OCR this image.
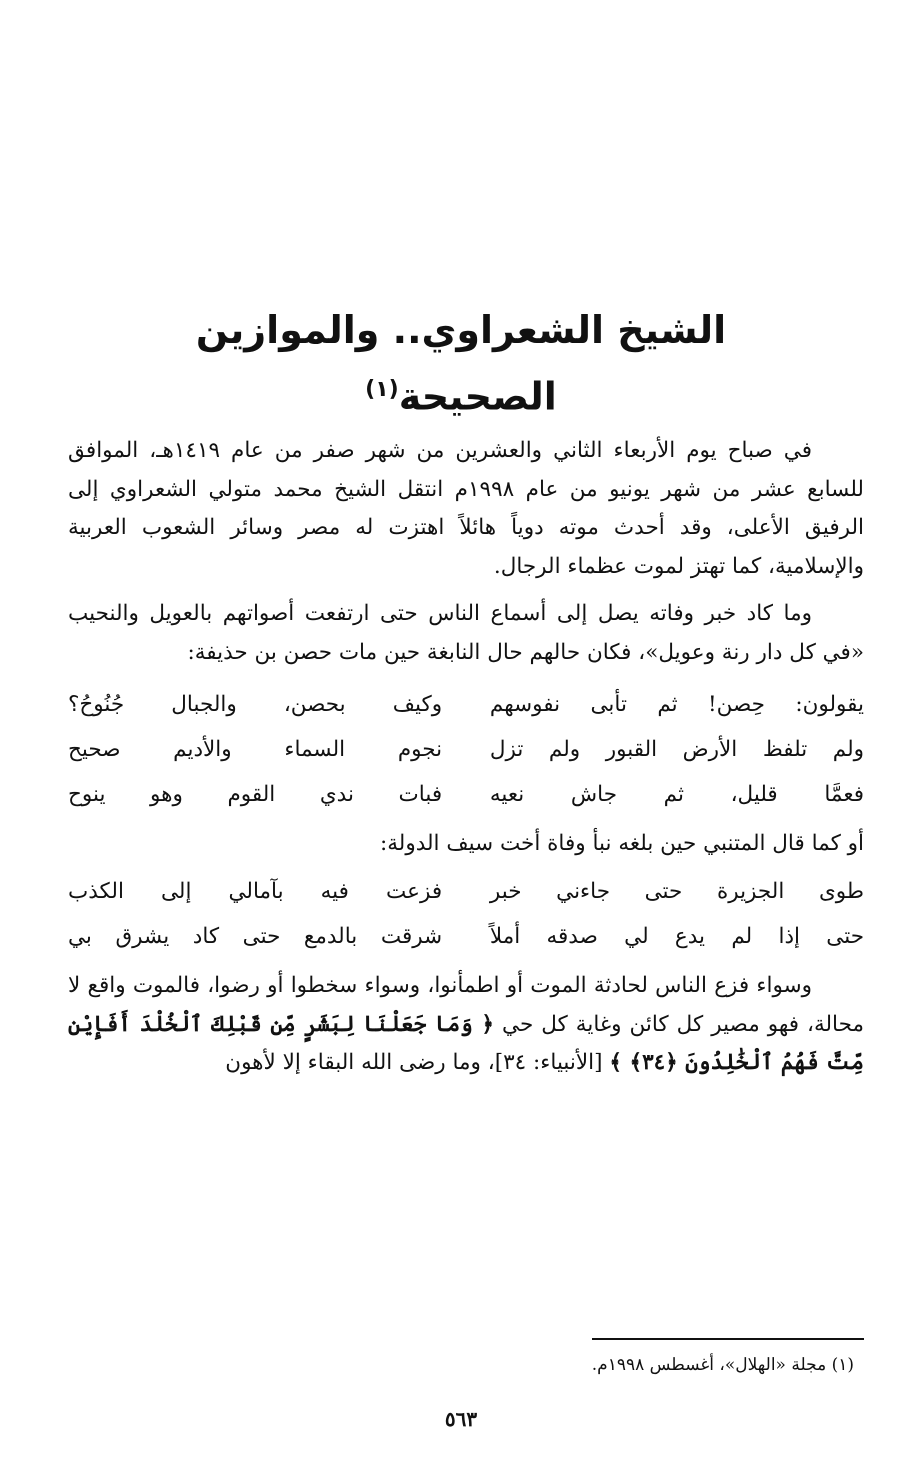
الشيخ الشعراوي.. والموازين الصحيحة$^{(١)}$

في صباح يوم الأربعاء الثاني والعشرين من شهر صفر من عام ١٤١٩هـ، الموافق للسابع عشر من شهر يونيو من عام ١٩٩٨م انتقل الشيخ محمد متولي الشعراوي إلى الرفيق الأعلى، وقد أحدث موته دوياً هائلاً اهتزت له مصر وسائر الشعوب العربية والإسلامية، كما تهتز لموت عظماء الرجال.

وما كاد خبر وفاته يصل إلى أسماع الناس حتى ارتفعت أصواتهم بالعويل والنحيب «في كل دار رنة وعويل»، فكان حالهم حال النابغة حين مات حصن بن حذيفة:

يقولون: حِصن! ثم تأبى نفوسهم
وكيف بحصن، والجبال جُنُوحُ؟
ولم تلفظ الأرض القبور ولم تزل
نجوم السماء والأديم صحيح
فعمَّا قليل، ثم جاش نعيه
فبات ندي القوم وهو ينوح

أو كما قال المتنبي حين بلغه نبأ وفاة أخت سيف الدولة:

طوى الجزيرة حتى جاءني خبر
فزعت فيه بآمالي إلى الكذب
حتى إذا لم يدع لي صدقه أملاً
شرقت بالدمع حتى كاد يشرق بي

وسواء فزع الناس لحادثة الموت أو اطمأنوا، وسواء سخطوا أو رضوا، فالموت واقع لا محالة، فهو مصير كل كائن وغاية كل حي ﴿ وَمَا جَعَلْنَا لِبَشَرٍ مِّن قَبْلِكَ ٱلْخُلْدَ أَفَإِيْن مِّتَّ فَهُمُ ٱلْخَٰلِدُونَ ﴿٣٤﴾ ﴾ [الأنبياء: ٣٤]، وما رضى الله البقاء إلا لأهون

(١) مجلة «الهلال»، أغسطس ١٩٩٨م.

٥٦٣
